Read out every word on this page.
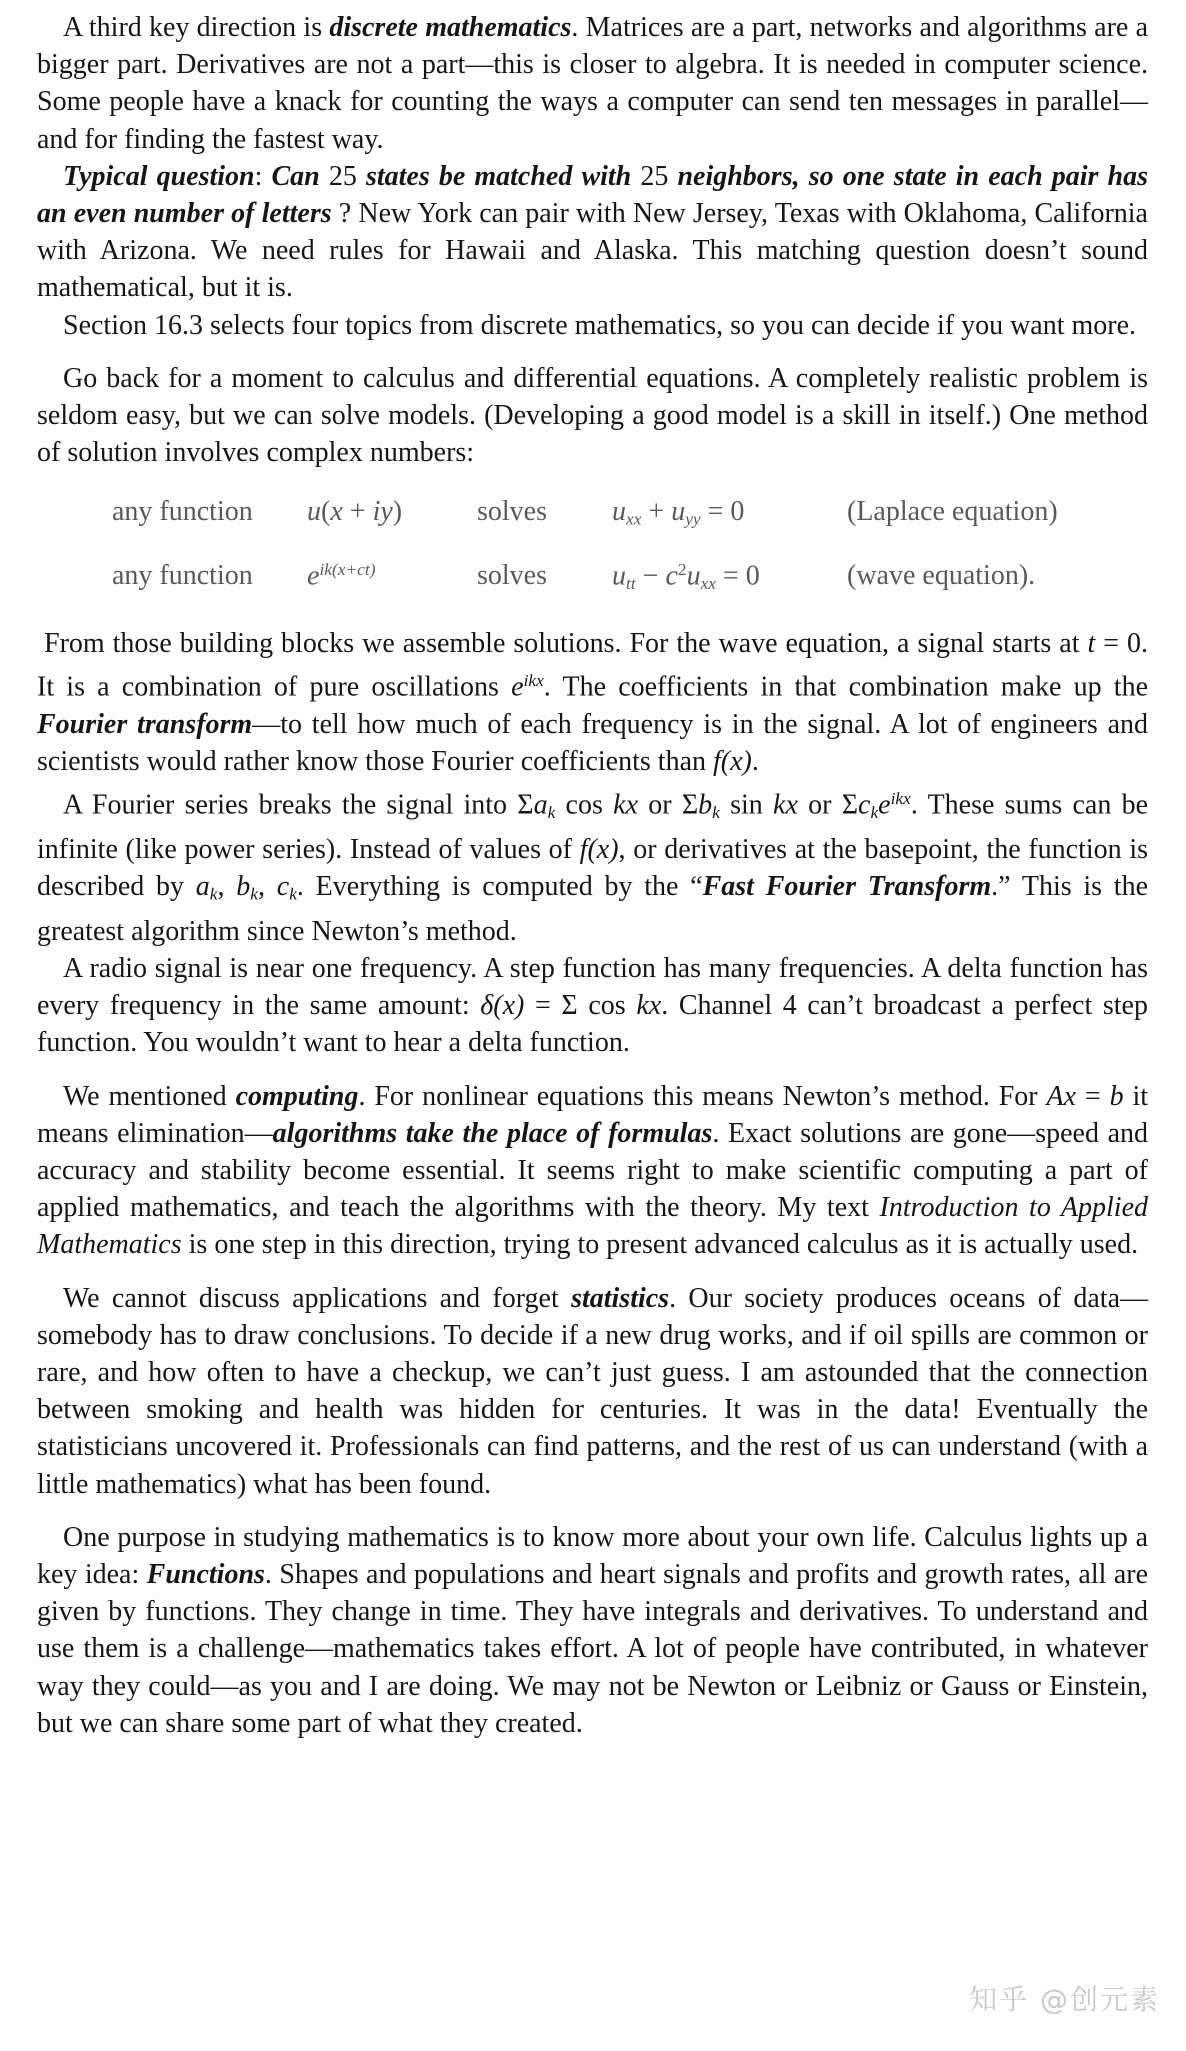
A third key direction is discrete mathematics. Matrices are a part, networks and algorithms are a bigger part. Derivatives are not a part—this is closer to algebra. It is needed in computer science. Some people have a knack for counting the ways a computer can send ten messages in parallel—and for finding the fastest way.

Typical question: Can 25 states be matched with 25 neighbors, so one state in each pair has an even number of letters ? New York can pair with New Jersey, Texas with Oklahoma, California with Arizona. We need rules for Hawaii and Alaska. This matching question doesn’t sound mathematical, but it is.

Section 16.3 selects four topics from discrete mathematics, so you can decide if you want more.

Go back for a moment to calculus and differential equations. A completely realistic problem is seldom easy, but we can solve models. (Developing a good model is a skill in itself.) One method of solution involves complex numbers:

any function	u(x + iy)	solves	uxx + uyy = 0	(Laplace equation)
any function	$e^{ik(x+ct)}$	solves	utt − $c^2uxx = 0$	(wave equation).

From those building blocks we assemble solutions. For the wave equation, a signal starts at t = 0. It is a combination of pure oscillations $e^{ikx}$. The coefficients in that combination make up the Fourier transform—to tell how much of each frequency is in the signal. A lot of engineers and scientists would rather know those Fourier coefficients than f(x).

A Fourier series breaks the signal into Σak cos kx or Σbk sin kx or Σcke$^{ikx}$. These sums can be infinite (like power series). Instead of values of f(x), or derivatives at the basepoint, the function is described by ak, bk, ck. Everything is computed by the “Fast Fourier Transform.” This is the greatest algorithm since Newton’s method.

A radio signal is near one frequency. A step function has many frequencies. A delta function has every frequency in the same amount: δ(x) = Σ cos kx. Channel 4 can’t broadcast a perfect step function. You wouldn’t want to hear a delta function.

We mentioned computing. For nonlinear equations this means Newton’s method. For Ax = b it means elimination—algorithms take the place of formulas. Exact solutions are gone—speed and accuracy and stability become essential. It seems right to make scientific computing a part of applied mathematics, and teach the algorithms with the theory. My text Introduction to Applied Mathematics is one step in this direction, trying to present advanced calculus as it is actually used.

We cannot discuss applications and forget statistics. Our society produces oceans of data—somebody has to draw conclusions. To decide if a new drug works, and if oil spills are common or rare, and how often to have a checkup, we can’t just guess. I am astounded that the connection between smoking and health was hidden for centuries. It was in the data! Eventually the statisticians uncovered it. Professionals can find patterns, and the rest of us can understand (with a little mathematics) what has been found.

One purpose in studying mathematics is to know more about your own life. Calculus lights up a key idea: Functions. Shapes and populations and heart signals and profits and growth rates, all are given by functions. They change in time. They have integrals and derivatives. To understand and use them is a challenge—mathematics takes effort. A lot of people have contributed, in whatever way they could—as you and I are doing. We may not be Newton or Leibniz or Gauss or Einstein, but we can share some part of what they created.

知乎 @创元素
